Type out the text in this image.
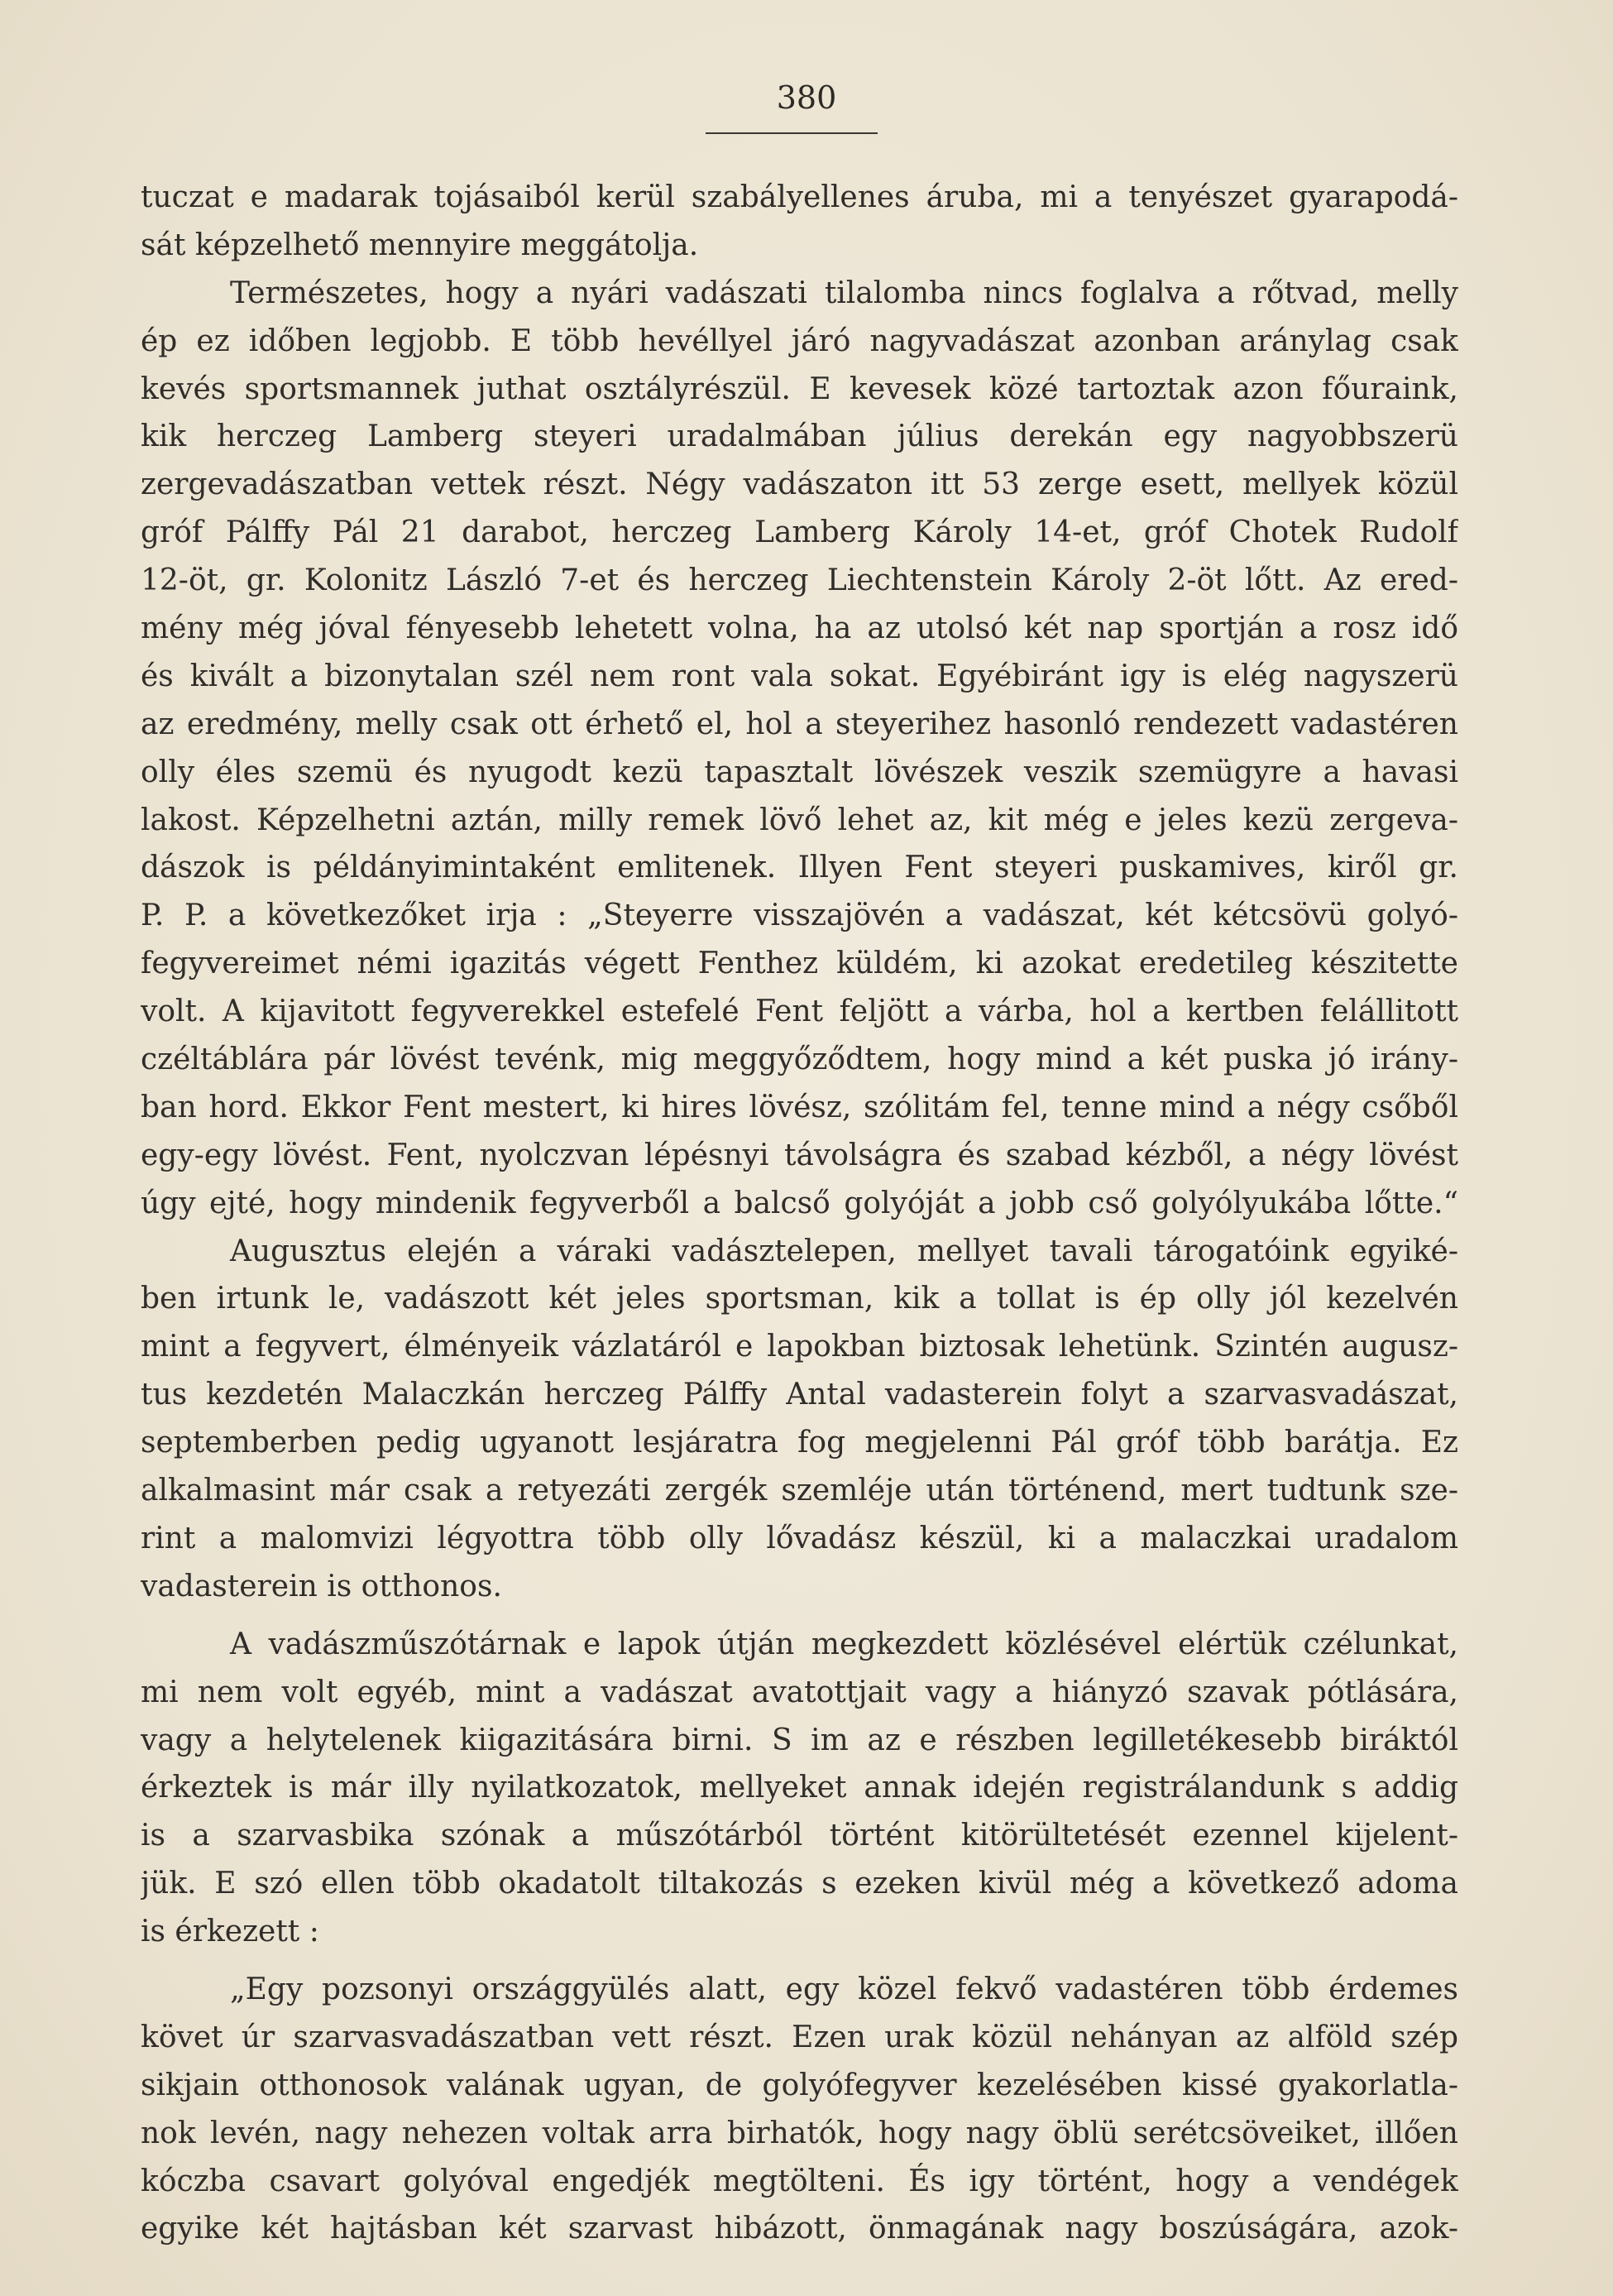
380
tuczat e madarak tojásaiból kerül szabályellenes áruba, mi a tenyészet gyarapodá-
sát képzelhető mennyire meggátolja.
Természetes, hogy a nyári vadászati tilalomba nincs foglalva a rőtvad, melly
ép ez időben legjobb. E több hevéllyel járó nagyvadászat azonban aránylag csak
kevés sportsmannek juthat osztályrészül. E kevesek közé tartoztak azon főuraink,
kik herczeg Lamberg steyeri uradalmában július derekán egy nagyobbszerü
zergevadászatban vettek részt. Négy vadászaton itt 53 zerge esett, mellyek közül
gróf Pálffy Pál 21 darabot, herczeg Lamberg Károly 14-et, gróf Chotek Rudolf
12-öt, gr. Kolonitz László 7-et és herczeg Liechtenstein Károly 2-öt lőtt. Az ered-
mény még jóval fényesebb lehetett volna, ha az utolsó két nap sportján a rosz idő
és kivált a bizonytalan szél nem ront vala sokat. Egyébiránt igy is elég nagyszerü
az eredmény, melly csak ott érhető el, hol a steyerihez hasonló rendezett vadastéren
olly éles szemü és nyugodt kezü tapasztalt lövészek veszik szemügyre a havasi
lakost. Képzelhetni aztán, milly remek lövő lehet az, kit még e jeles kezü zergeva-
dászok is példányimintaként emlitenek. Illyen Fent steyeri puskamives, kiről gr.
P. P. a következőket irja : „Steyerre visszajövén a vadászat, két kétcsövü golyó-
fegyvereimet némi igazitás végett Fenthez küldém, ki azokat eredetileg készitette
volt. A kijavitott fegyverekkel estefelé Fent feljött a várba, hol a kertben felállitott
czéltáblára pár lövést tevénk, mig meggyőződtem, hogy mind a két puska jó irány-
ban hord. Ekkor Fent mestert, ki hires lövész, szólitám fel, tenne mind a négy csőből
egy-egy lövést. Fent, nyolczvan lépésnyi távolságra és szabad kézből, a négy lövést
úgy ejté, hogy mindenik fegyverből a balcső golyóját a jobb cső golyólyukába lőtte.“
Augusztus elején a váraki vadásztelepen, mellyet tavali tárogatóink egyiké-
ben irtunk le, vadászott két jeles sportsman, kik a tollat is ép olly jól kezelvén
mint a fegyvert, élményeik vázlatáról e lapokban biztosak lehetünk. Szintén augusz-
tus kezdetén Malaczkán herczeg Pálffy Antal vadasterein folyt a szarvasvadászat,
septemberben pedig ugyanott lesjáratra fog megjelenni Pál gróf több barátja. Ez
alkalmasint már csak a retyezáti zergék szemléje után történend, mert tudtunk sze-
rint a malomvizi légyottra több olly lővadász készül, ki a malaczkai uradalom
vadasterein is otthonos.
A vadászműszótárnak e lapok útján megkezdett közlésével elértük czélunkat,
mi nem volt egyéb, mint a vadászat avatottjait vagy a hiányzó szavak pótlására,
vagy a helytelenek kiigazitására birni. S im az e részben legilletékesebb biráktól
érkeztek is már illy nyilatkozatok, mellyeket annak idején registrálandunk s addig
is a szarvasbika szónak a műszótárból történt kitörültetését ezennel kijelent-
jük. E szó ellen több okadatolt tiltakozás s ezeken kivül még a következő adoma
is érkezett :
„Egy pozsonyi országgyülés alatt, egy közel fekvő vadastéren több érdemes
követ úr szarvasvadászatban vett részt. Ezen urak közül nehányan az alföld szép
sikjain otthonosok valának ugyan, de golyófegyver kezelésében kissé gyakorlatla-
nok levén, nagy nehezen voltak arra birhatók, hogy nagy öblü serétcsöveiket, illően
kóczba csavart golyóval engedjék megtölteni. És igy történt, hogy a vendégek
egyike két hajtásban két szarvast hibázott, önmagának nagy boszúságára, azok-
